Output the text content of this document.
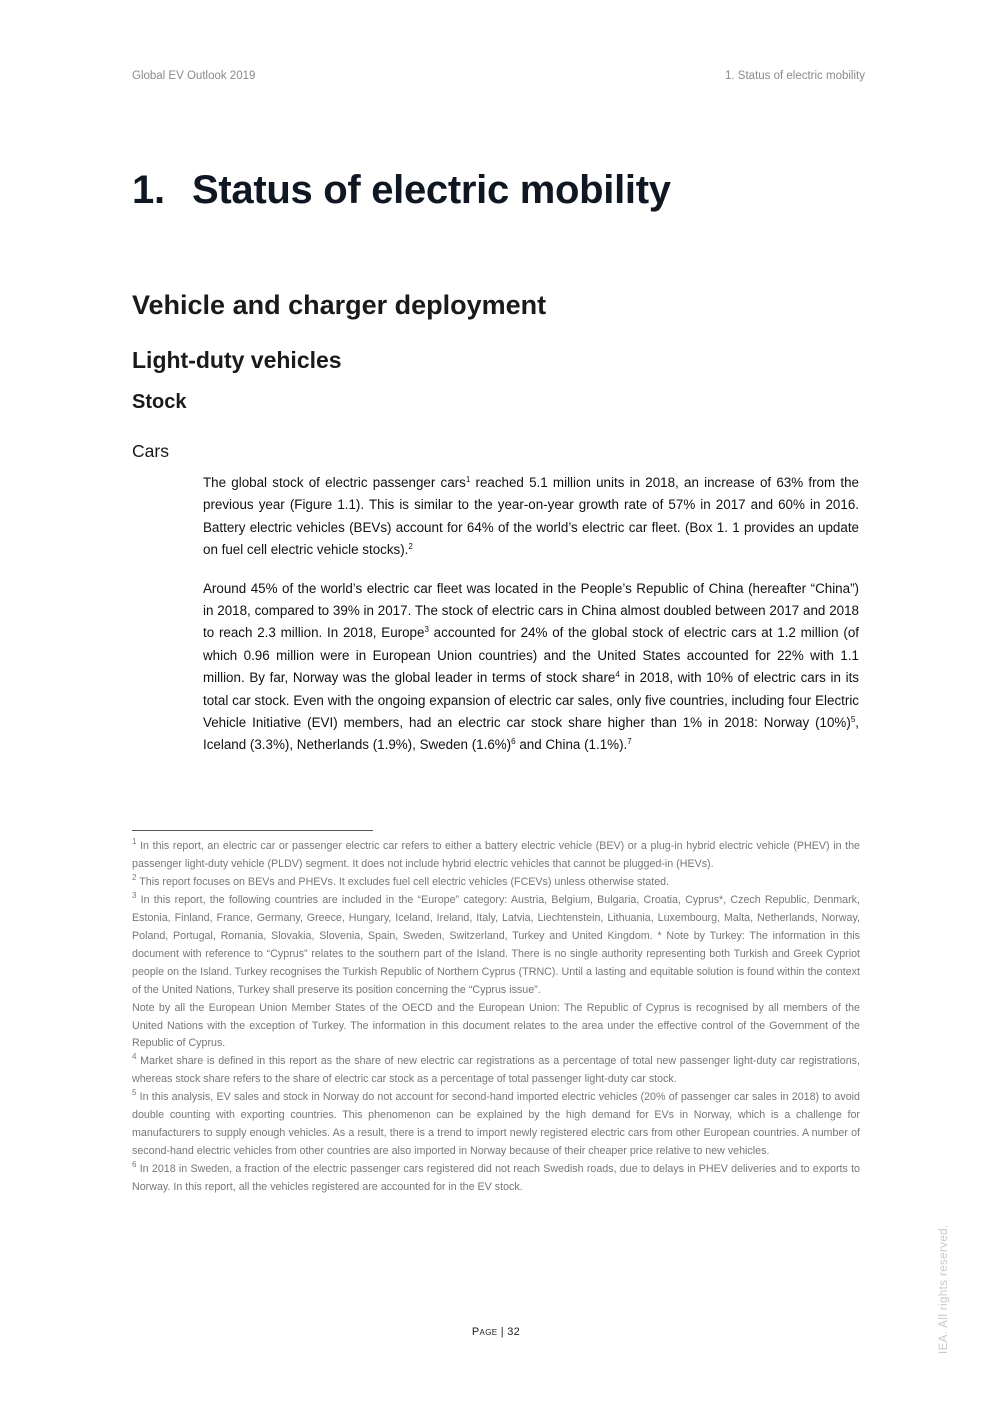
Global EV Outlook 2019	1. Status of electric mobility
1. Status of electric mobility
Vehicle and charger deployment
Light-duty vehicles
Stock
Cars

The global stock of electric passenger cars$^1$ reached 5.1 million units in 2018, an increase of 63% from the previous year (Figure 1.1). This is similar to the year-on-year growth rate of 57% in 2017 and 60% in 2016. Battery electric vehicles (BEVs) account for 64% of the world’s electric car fleet. (Box 1. 1 provides an update on fuel cell electric vehicle stocks).$^2$

Around 45% of the world’s electric car fleet was located in the People’s Republic of China (hereafter “China”) in 2018, compared to 39% in 2017. The stock of electric cars in China almost doubled between 2017 and 2018 to reach 2.3 million. In 2018, Europe$^3$ accounted for 24% of the global stock of electric cars at 1.2 million (of which 0.96 million were in European Union countries) and the United States accounted for 22% with 1.1 million. By far, Norway was the global leader in terms of stock share$^4$ in 2018, with 10% of electric cars in its total car stock. Even with the ongoing expansion of electric car sales, only five countries, including four Electric Vehicle Initiative (EVI) members, had an electric car stock share higher than 1% in 2018: Norway $(10\%)^5$, Iceland (3.3%), Netherlands (1.9%), Sweden $(1.6\%)^6$ and China (1.1%).$^7$

$^1$ In this report, an electric car or passenger electric car refers to either a battery electric vehicle (BEV) or a plug-in hybrid electric vehicle (PHEV) in the passenger light-duty vehicle (PLDV) segment. It does not include hybrid electric vehicles that cannot be plugged-in (HEVs).

$^2$ This report focuses on BEVs and PHEVs. It excludes fuel cell electric vehicles (FCEVs) unless otherwise stated.

$^3$ In this report, the following countries are included in the “Europe” category: Austria, Belgium, Bulgaria, Croatia, Cyprus*, Czech Republic, Denmark, Estonia, Finland, France, Germany, Greece, Hungary, Iceland, Ireland, Italy, Latvia, Liechtenstein, Lithuania, Luxembourg, Malta, Netherlands, Norway, Poland, Portugal, Romania, Slovakia, Slovenia, Spain, Sweden, Switzerland, Turkey and United Kingdom. * Note by Turkey: The information in this document with reference to “Cyprus” relates to the southern part of the Island. There is no single authority representing both Turkish and Greek Cypriot people on the Island. Turkey recognises the Turkish Republic of Northern Cyprus (TRNC). Until a lasting and equitable solution is found within the context of the United Nations, Turkey shall preserve its position concerning the “Cyprus issue”.

Note by all the European Union Member States of the OECD and the European Union: The Republic of Cyprus is recognised by all members of the United Nations with the exception of Turkey. The information in this document relates to the area under the effective control of the Government of the Republic of Cyprus.

$^4$ Market share is defined in this report as the share of new electric car registrations as a percentage of total new passenger light-duty car registrations, whereas stock share refers to the share of electric car stock as a percentage of total passenger light-duty car stock.

$^5$ In this analysis, EV sales and stock in Norway do not account for second-hand imported electric vehicles (20% of passenger car sales in 2018) to avoid double counting with exporting countries. This phenomenon can be explained by the high demand for EVs in Norway, which is a challenge for manufacturers to supply enough vehicles. As a result, there is a trend to import newly registered electric cars from other European countries. A number of second-hand electric vehicles from other countries are also imported in Norway because of their cheaper price relative to new vehicles.

$^6$ In 2018 in Sweden, a fraction of the electric passenger cars registered did not reach Swedish roads, due to delays in PHEV deliveries and to exports to Norway. In this report, all the vehicles registered are accounted for in the EV stock.

Page | 32	IEA. All rights reserved.
